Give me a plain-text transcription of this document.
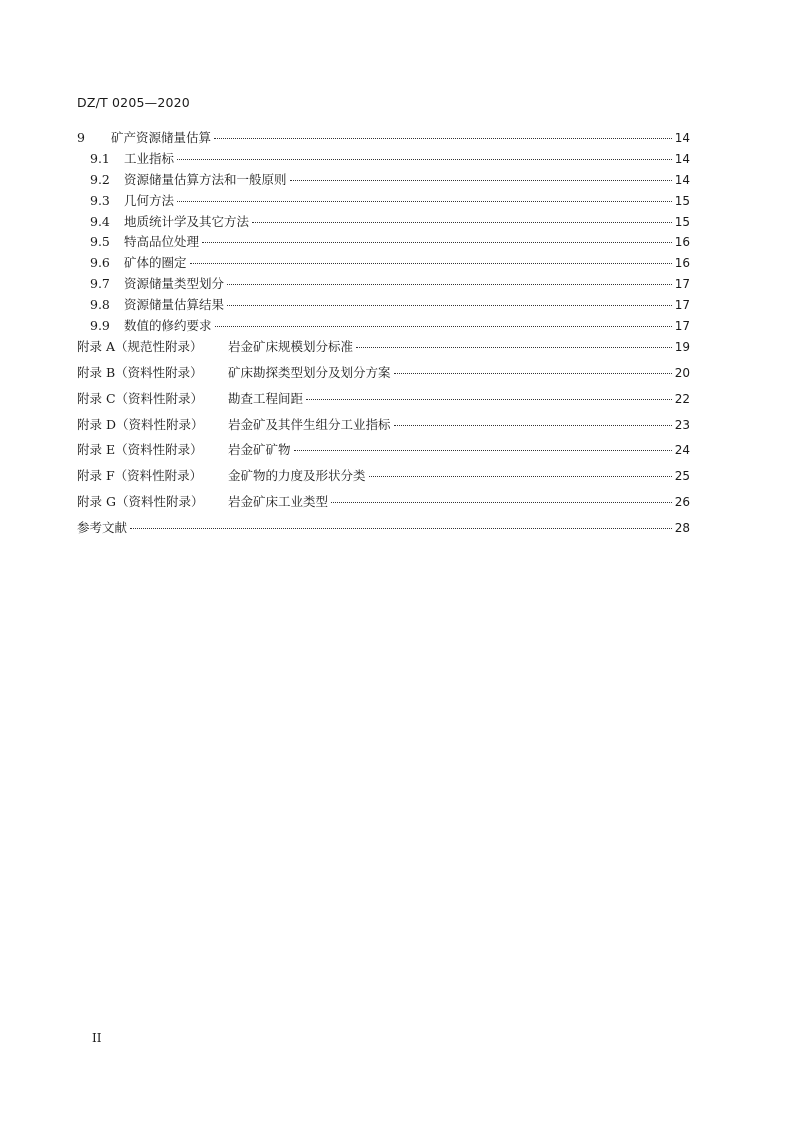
DZ/T 0205—2020
9	矿产资源储量估算	14
9.1	工业指标	14
9.2	资源储量估算方法和一般原则	14
9.3	几何方法	15
9.4	地质统计学及其它方法	15
9.5	特高品位处理	16
9.6	矿体的圈定	16
9.7	资源储量类型划分	17
9.8	资源储量估算结果	17
9.9	数值的修约要求	17
附录 A（规范性附录）	岩金矿床规模划分标准	19
附录 B（资料性附录）	矿床勘探类型划分及划分方案	20
附录 C（资料性附录）	勘查工程间距	22
附录 D（资料性附录）	岩金矿及其伴生组分工业指标	23
附录 E（资料性附录）	岩金矿矿物	24
附录 F（资料性附录）	金矿物的力度及形状分类	25
附录 G（资料性附录）	岩金矿床工业类型	26
参考文献	28
II
